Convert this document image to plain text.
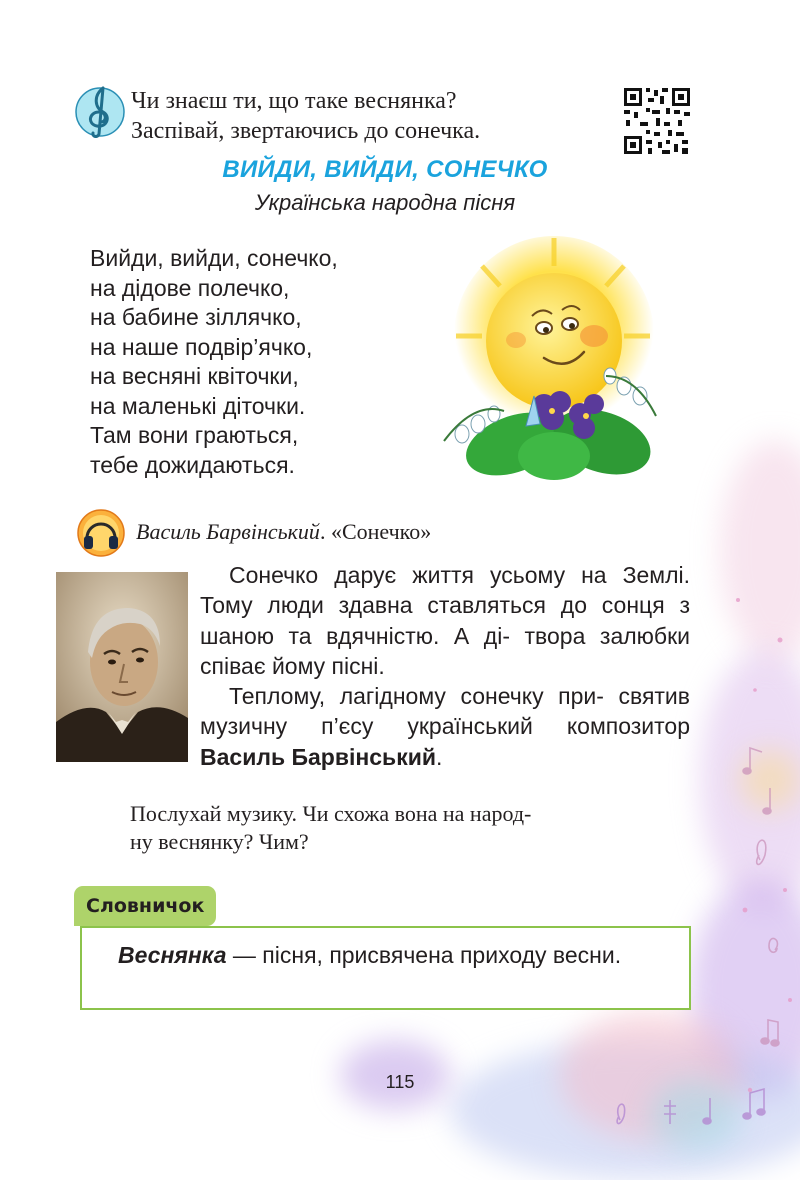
Чи знаєш ти, що таке веснянка?
Заспівай, звертаючись до сонечка.
ВИЙДИ, ВИЙДИ, СОНЕЧКО
Українська народна пісня
Вийди, вийди, сонечко,
на дідове полечко,
на бабине зіллячко,
на наше подвір’ячко,
на весняні квіточки,
на маленькі діточки.
Там вони граються,
тебе дожидаються.
Василь Барвінський. «Сонечко»

Сонечко дарує життя усьому на Землі. Тому люди здавна ставляться до сонця з шаною та вдячністю. А ді- твора залюбки співає йому пісні.

Теплому, лагідному сонечку при- святив музичну п’єсу український композитор Василь Барвінський.

Послухай музику. Чи схожа вона на народ-
ну веснянку? Чим?
Словничок
Веснянка — пісня, присвячена приходу весни.
115
